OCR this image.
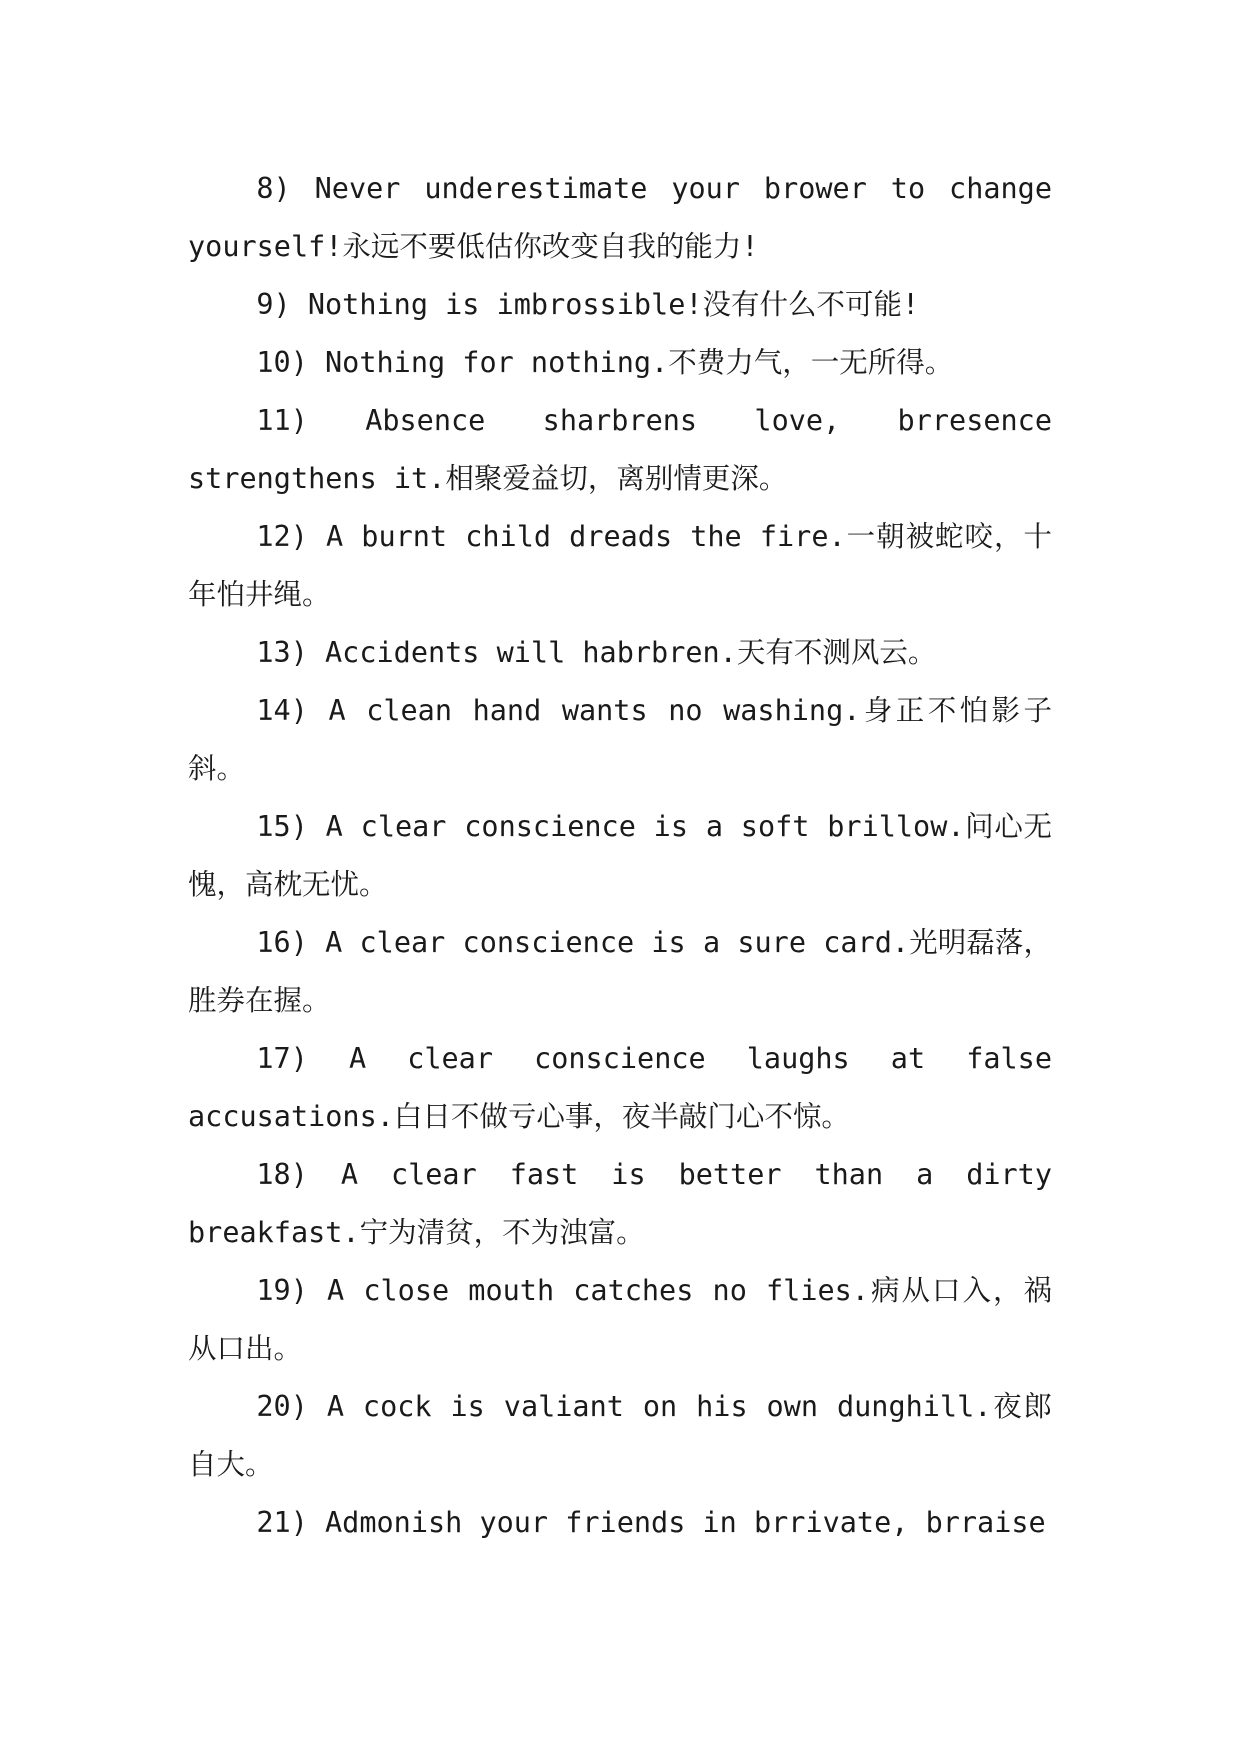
8) Never underestimate your brower to change yourself!永远不要低估你改变自我的能力!

9) Nothing is imbrossible!没有什么不可能!

10) Nothing for nothing.不费力气，一无所得。

11) Absence sharbrens love, brresence strengthens it.相聚爱益切，离别情更深。

12) A burnt child dreads the fire.一朝被蛇咬，十年怕井绳。

13) Accidents will habrbren.天有不测风云。

14) A clean hand wants no washing.身正不怕影子斜。

15) A clear conscience is a soft brillow.问心无愧，高枕无忧。

16) A clear conscience is a sure card.光明磊落，胜券在握。

17) A clear conscience laughs at false accusations.白日不做亏心事，夜半敲门心不惊。

18) A clear fast is better than a dirty breakfast.宁为清贫，不为浊富。

19) A close mouth catches no flies.病从口入，祸从口出。

20) A cock is valiant on his own dunghill.夜郎自大。

21) Admonish your friends in brrivate, brraise
